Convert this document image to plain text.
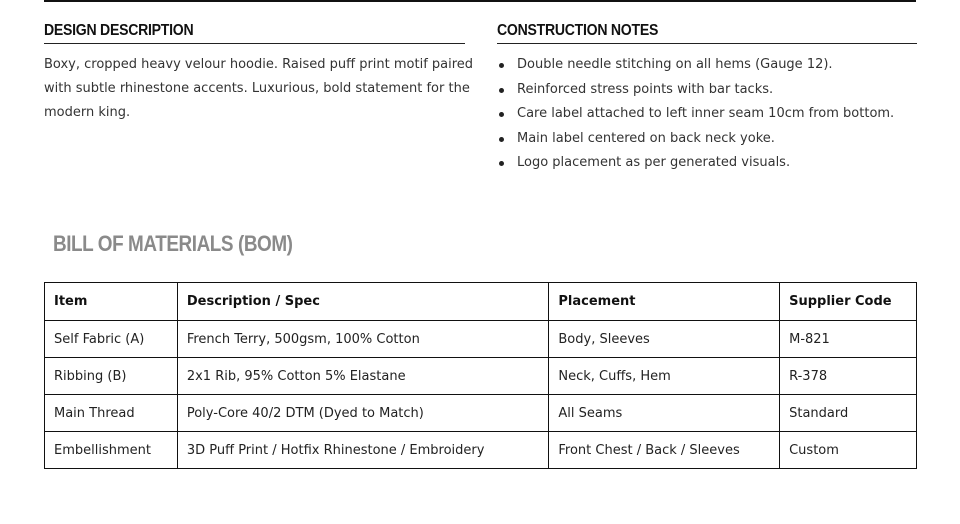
DESIGN DESCRIPTION
Boxy, cropped heavy velour hoodie. Raised puff print motif paired with subtle rhinestone accents. Luxurious, bold statement for the modern king.
CONSTRUCTION NOTES
Double needle stitching on all hems (Gauge 12).
Reinforced stress points with bar tacks.
Care label attached to left inner seam 10cm from bottom.
Main label centered on back neck yoke.
Logo placement as per generated visuals.
BILL OF MATERIALS (BOM)
Item	Description / Spec	Placement	Supplier Code
Self Fabric (A)	French Terry, 500gsm, 100% Cotton	Body, Sleeves	M-821
Ribbing (B)	2x1 Rib, 95% Cotton 5% Elastane	Neck, Cuffs, Hem	R-378
Main Thread	Poly-Core 40/2 DTM (Dyed to Match)	All Seams	Standard
Embellishment	3D Puff Print / Hotfix Rhinestone / Embroidery	Front Chest / Back / Sleeves	Custom
